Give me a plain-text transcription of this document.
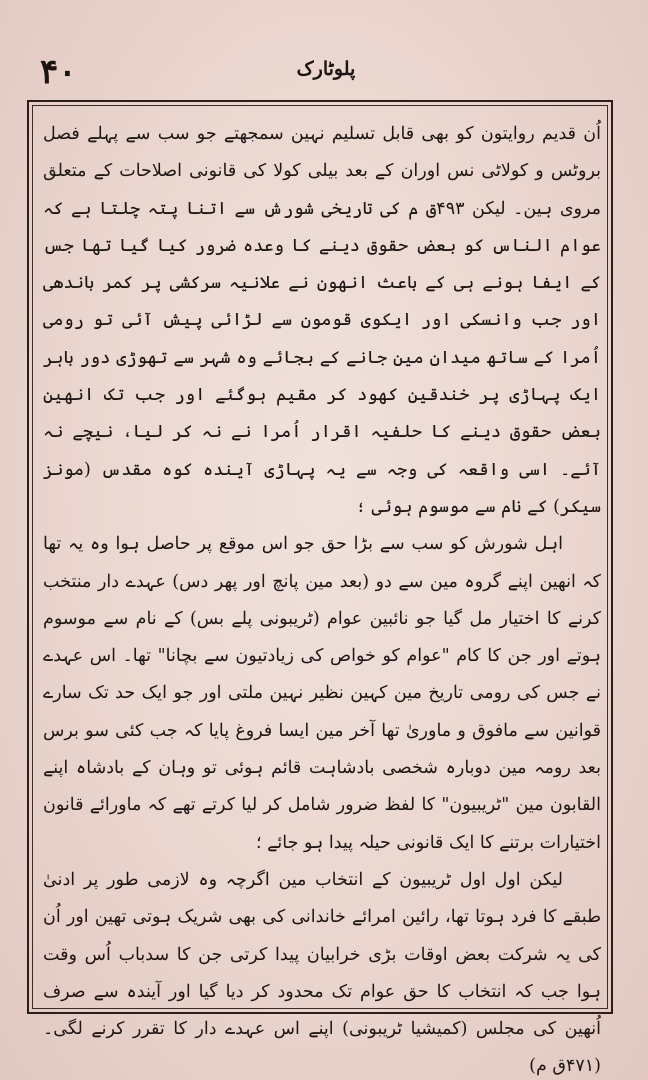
۴۰	پلوٹارک

اُن قدیم روایتون کو بھی قابل تسلیم نہین سمجھتے جو سب سے پہلے فصل بروٹس و کولاٹی نس اوران کے بعد بیلی کولا کی قانونی اصلاحات کے متعلق مروی ہین۔ لیکن ۴۹۳ق م کی تاریخی شورش سے اتنا پتہ چلتا ہے کہ عوام الناس کو بعض حقوق دینے کا وعدہ ضرور کیا گیا تھا جس کے ایفا ہونے ہی کے باعث انھون نے علانیہ سرکشی پر کمر باندھی اور جب وانسکی اور ایکوی قومون سے لڑائی پیش آئی تو رومی اُمرا کے ساتھ میدان مین جانے کے بجائے وہ شہر سے تھوڑی دور باہر ایک پہاڑی پر خندقین کھود کر مقیم ہوگئے اور جب تک انھین بعض حقوق دینے کا حلفیہ اقرار اُمرا نے نہ کر لیا، نیچے نہ آئے۔ اسی واقعہ کی وجہ سے یہ پہاڑی آیندہ کوہ مقدس (مونز سیکر) کے نام سے موسوم ہوئی ؛

اہل شورش کو سب سے بڑا حق جو اس موقع پر حاصل ہوا وہ یہ تھا کہ انھین اپنے گروہ مین سے دو (بعد مین پانچ اور پھر دس) عہدے دار منتخب کرنے کا اختیار مل گیا جو نائبین عوام (ٹریبونی پلے بس) کے نام سے موسوم ہوتے اور جن کا کام "عوام کو خواص کی زیادتیون سے بچانا" تھا۔ اس عہدے نے جس کی رومی تاریخ مین کہین نظیر نہین ملتی اور جو ایک حد تک سارے قوانین سے مافوق و ماوریٰ تھا آخر مین ایسا فروغ پایا کہ جب کئی سو برس بعد رومہ مین دوبارہ شخصی بادشاہت قائم ہوئی تو وہان کے بادشاہ اپنے القابون مین "ٹریبیون" کا لفظ ضرور شامل کر لیا کرتے تھے کہ ماورائے قانون اختیارات برتنے کا ایک قانونی حیلہ پیدا ہو جائے ؛

لیکن اول اول ٹریبیون کے انتخاب مین اگرچہ وہ لازمی طور پر ادنیٰ طبقے کا فرد ہوتا تھا، رائین امرائے خاندانی کی بھی شریک ہوتی تھین اور اُن کی یہ شرکت بعض اوقات بڑی خرابیان پیدا کرتی جن کا سدباب اُس وقت ہوا جب کہ انتخاب کا حق عوام تک محدود کر دیا گیا اور آیندہ سے صرف اُنھین کی مجلس (کمیشیا ٹریبونی) اپنے اس عہدے دار کا تقرر کرنے لگی۔ (۴۷۱ق م)
